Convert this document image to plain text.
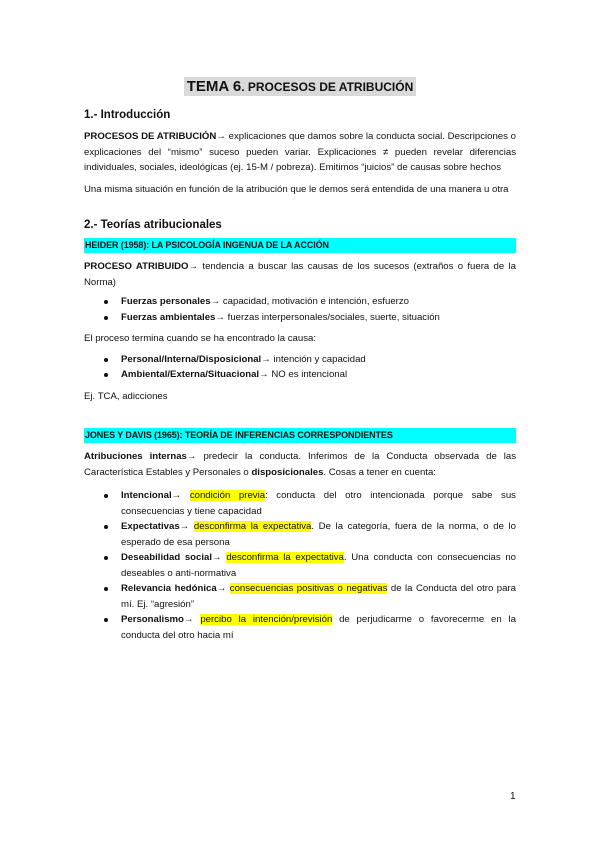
TEMA 6. PROCESOS DE ATRIBUCIÓN
1.- Introducción

PROCESOS DE ATRIBUCIÓN→ explicaciones que damos sobre la conducta social. Descripciones o explicaciones del “mismo” suceso pueden variar. Explicaciones ≠ pueden revelar diferencias individuales, sociales, ideológicas (ej. 15-M / pobreza). Emitimos “juicios” de causas sobre hechos

Una misma situación en función de la atribución que le demos será entendida de una manera u otra

2.- Teorías atribucionales
HEIDER (1958): LA PSICOLOGÍA INGENUA DE LA ACCIÓN

PROCESO ATRIBUIDO→ tendencia a buscar las causas de los sucesos (extraños o fuera de la Norma)

Fuerzas personales→ capacidad, motivación e intención, esfuerzo
Fuerzas ambientales→ fuerzas interpersonales/sociales, suerte, situación

El proceso termina cuando se ha encontrado la causa:

Personal/Interna/Disposicional→ intención y capacidad
Ambiental/Externa/Situacional→ NO es intencional

Ej. TCA, adicciones

JONES Y DAVIS (1965): TEORÍA DE INFERENCIAS CORRESPONDIENTES

Atribuciones internas→ predecir la conducta. Inferimos de la Conducta observada de las Característica Estables y Personales o disposicionales. Cosas a tener en cuenta:

Intencional→ condición previa: conducta del otro intencionada porque sabe sus consecuencias y tiene capacidad
Expectativas→ desconfirma la expectativa. De la categoría, fuera de la norma, o de lo esperado de esa persona
Deseabilidad social→ desconfirma la expectativa. Una conducta con consecuencias no deseables o anti-normativa
Relevancia hedónica→ consecuencias positivas o negativas de la Conducta del otro para mí. Ej. “agresión”
Personalismo→ percibo la intención/previsión de perjudicarme o favorecerme en la conducta del otro hacia mí
1
